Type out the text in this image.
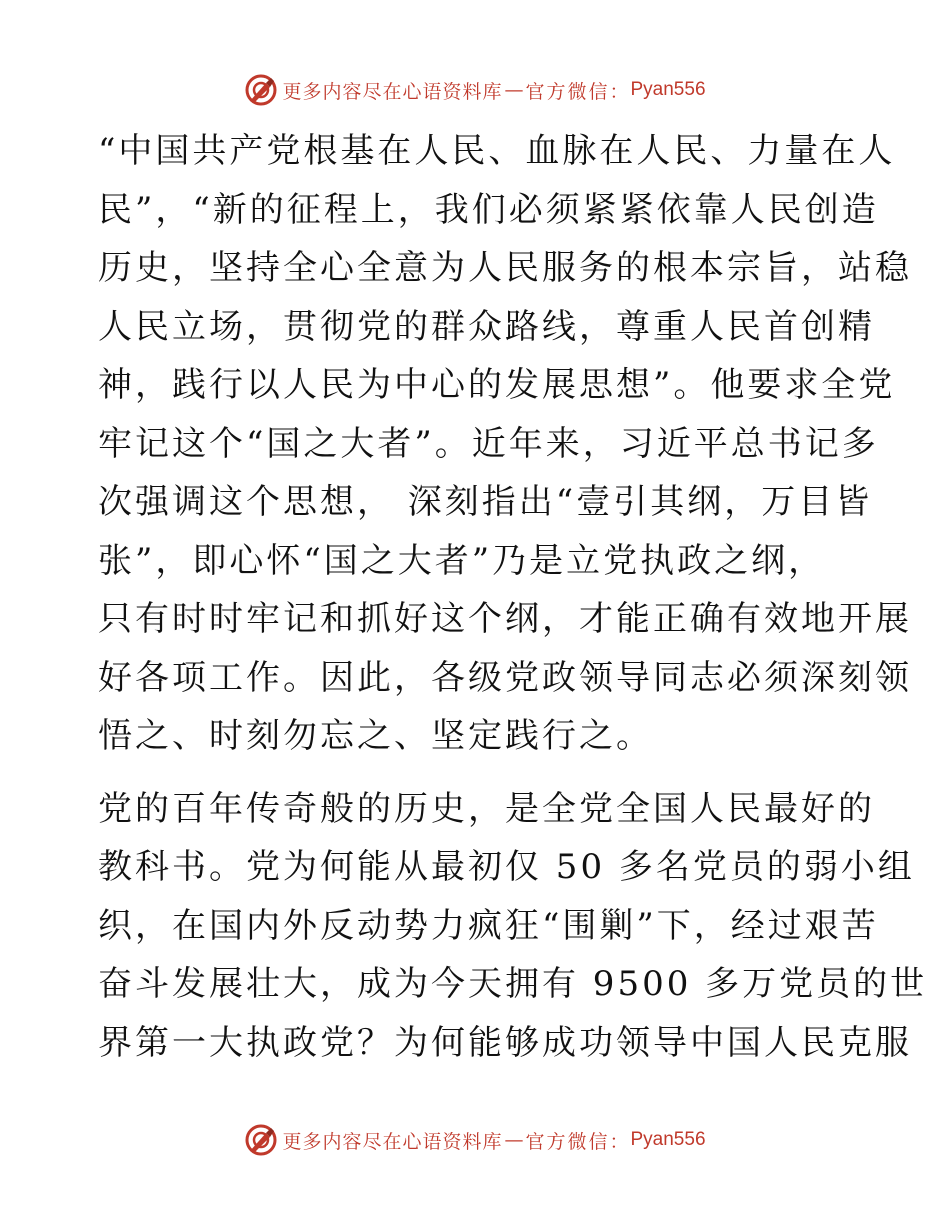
更多内容尽在心语资料库 — 官方微信： Pyan556

“中国共产党根基在人民、血脉在人民、力量在人
民”，“新的征程上，我们必须紧紧依靠人民创造
历史，坚持全心全意为人民服务的根本宗旨，站稳
人民立场，贯彻党的群众路线，尊重人民首创精
神，践行以人民为中心的发展思想”。他要求全党
牢记这个“国之大者”。近年来，习近平总书记多
次强调这个思想， 深刻指出“壹引其纲，万目皆
张”，即心怀“国之大者”乃是立党执政之纲，
只有时时牢记和抓好这个纲，才能正确有效地开展
好各项工作。因此，各级党政领导同志必须深刻领
悟之、时刻勿忘之、坚定践行之。

党的百年传奇般的历史，是全党全国人民最好的
教科书。党为何能从最初仅 50 多名党员的弱小组
织，在国内外反动势力疯狂“围剿”下，经过艰苦
奋斗发展壮大，成为今天拥有 9500 多万党员的世
界第一大执政党？为何能够成功领导中国人民克服

更多内容尽在心语资料库 — 官方微信： Pyan556
